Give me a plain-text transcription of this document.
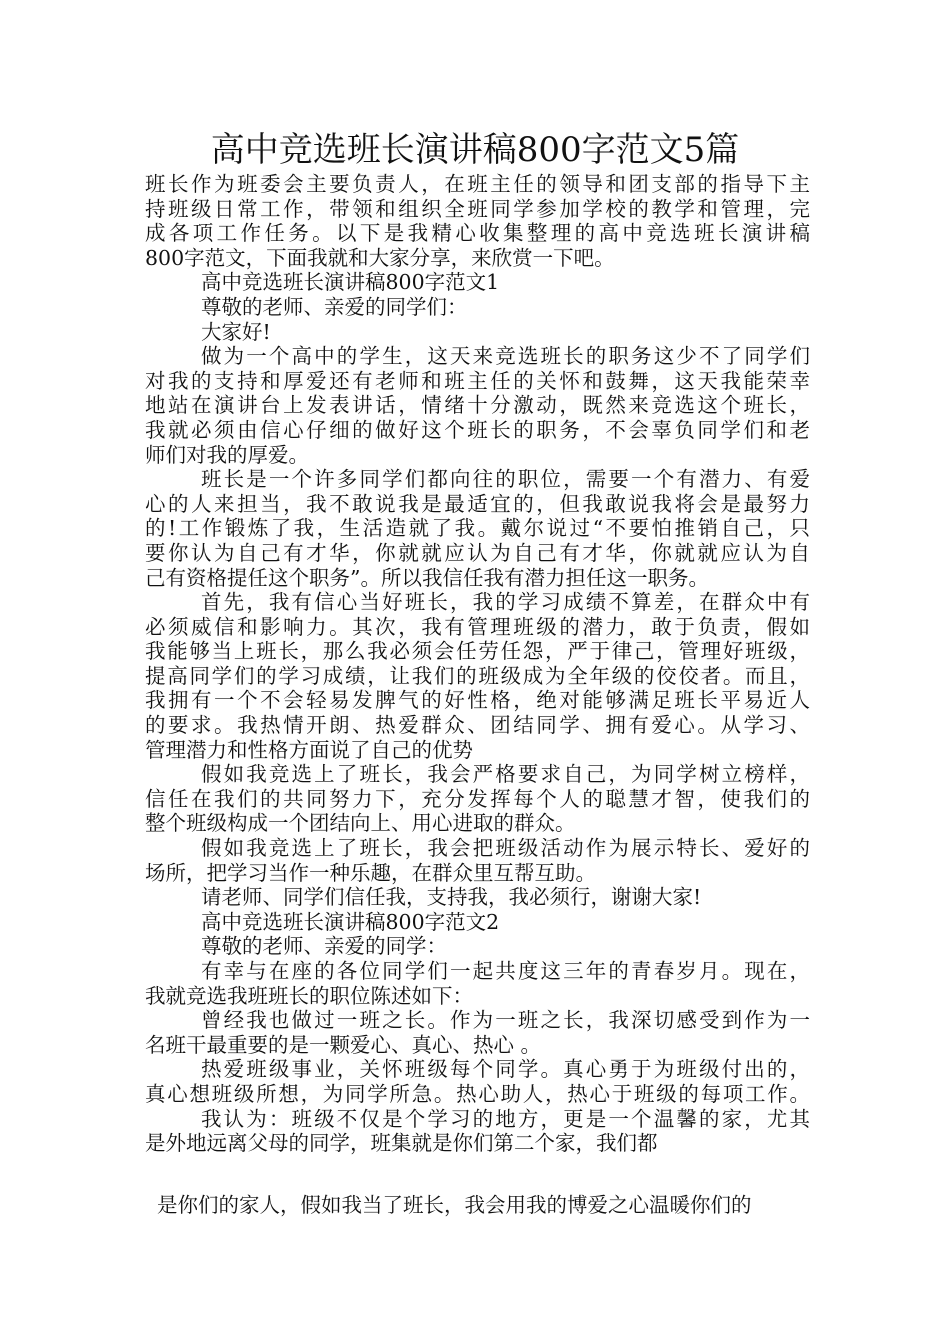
高中竞选班长演讲稿800字范文5篇
班长作为班委会主要负责人，在班主任的领导和团支部的指导下主
持班级日常工作，带领和组织全班同学参加学校的教学和管理，完
成各项工作任务。以下是我精心收集整理的高中竞选班长演讲稿
800字范文，下面我就和大家分享，来欣赏一下吧。
高中竞选班长演讲稿800字范文1
尊敬的老师、亲爱的同学们：
大家好!
做为一个高中的学生，这天来竞选班长的职务这少不了同学们
对我的支持和厚爱还有老师和班主任的关怀和鼓舞，这天我能荣幸
地站在演讲台上发表讲话，情绪十分激动，既然来竞选这个班长，
我就必须由信心仔细的做好这个班长的职务，不会辜负同学们和老
师们对我的厚爱。
班长是一个许多同学们都向往的职位，需要一个有潜力、有爱
心的人来担当，我不敢说我是最适宜的，但我敢说我将会是最努力
的!工作锻炼了我，生活造就了我。戴尔说过“不要怕推销自己，只
要你认为自己有才华，你就就应认为自己有才华，你就就应认为自
己有资格提任这个职务”。所以我信任我有潜力担任这一职务。
首先，我有信心当好班长，我的学习成绩不算差，在群众中有
必须威信和影响力。其次，我有管理班级的潜力，敢于负责，假如
我能够当上班长，那么我必须会任劳任怨，严于律己，管理好班级，
提高同学们的学习成绩，让我们的班级成为全年级的佼佼者。而且，
我拥有一个不会轻易发脾气的好性格，绝对能够满足班长平易近人
的要求。我热情开朗、热爱群众、团结同学、拥有爱心。从学习、
管理潜力和性格方面说了自己的优势
假如我竞选上了班长，我会严格要求自己，为同学树立榜样，
信任在我们的共同努力下，充分发挥每个人的聪慧才智，使我们的
整个班级构成一个团结向上、用心进取的群众。
假如我竞选上了班长，我会把班级活动作为展示特长、爱好的
场所，把学习当作一种乐趣，在群众里互帮互助。
请老师、同学们信任我，支持我，我必须行，谢谢大家!
高中竞选班长演讲稿800字范文2
尊敬的老师、亲爱的同学：
有幸与在座的各位同学们一起共度这三年的青春岁月。现在，
我就竞选我班班长的职位陈述如下：
曾经我也做过一班之长。作为一班之长，我深切感受到作为一
名班干最重要的是一颗爱心、真心、热心 。
热爱班级事业，关怀班级每个同学。真心勇于为班级付出的，
真心想班级所想，为同学所急。热心助人，热心于班级的每项工作。
我认为：班级不仅是个学习的地方，更是一个温馨的家，尤其
是外地远离父母的同学，班集就是你们第二个家，我们都
是你们的家人，假如我当了班长，我会用我的博爱之心温暖你们的
